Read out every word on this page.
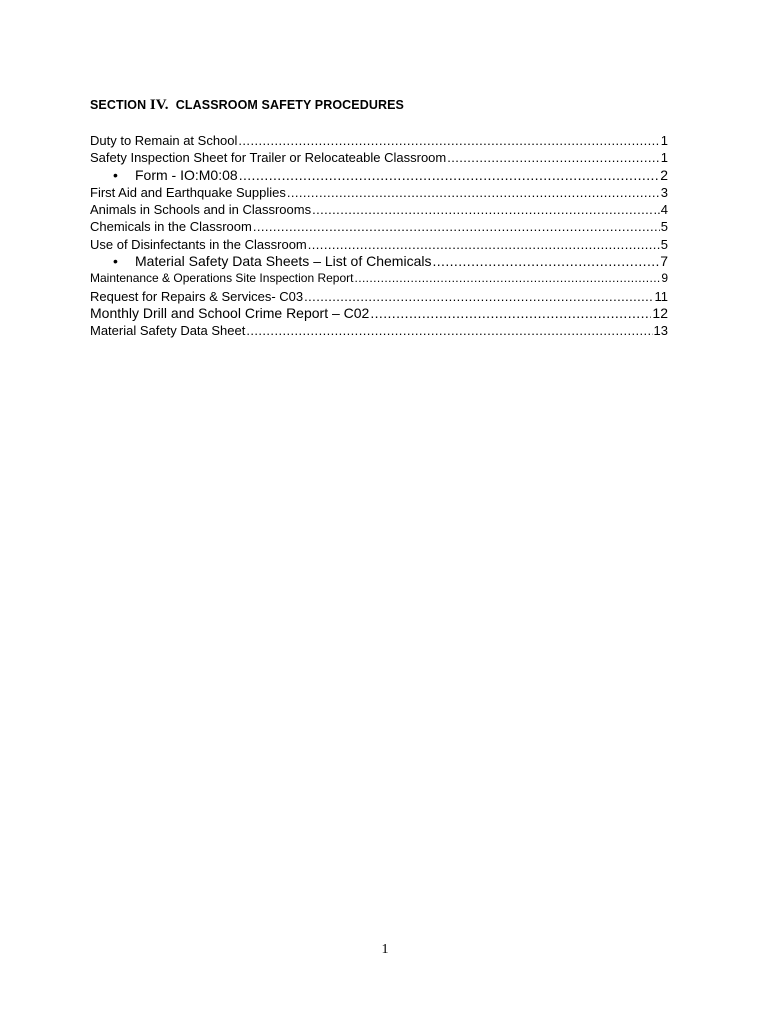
SECTION IV. CLASSROOM SAFETY PROCEDURES
Duty to Remain at School .....	1
Safety Inspection Sheet for Trailer or Relocateable Classroom .....	1
•	Form - IO:M0:08 .....	2
First Aid and Earthquake Supplies .....	3
Animals in Schools and in Classrooms .....	..4
Chemicals in the Classroom .....	5
Use of Disinfectants in the Classroom .....	5
•	Material Safety Data Sheets – List of Chemicals .....	7
Maintenance & Operations Site Inspection Report .....	9
Request for Repairs & Services- C03 .....	11
Monthly Drill and School Crime Report – C02 .....	12
Material Safety Data Sheet .....	13
1
